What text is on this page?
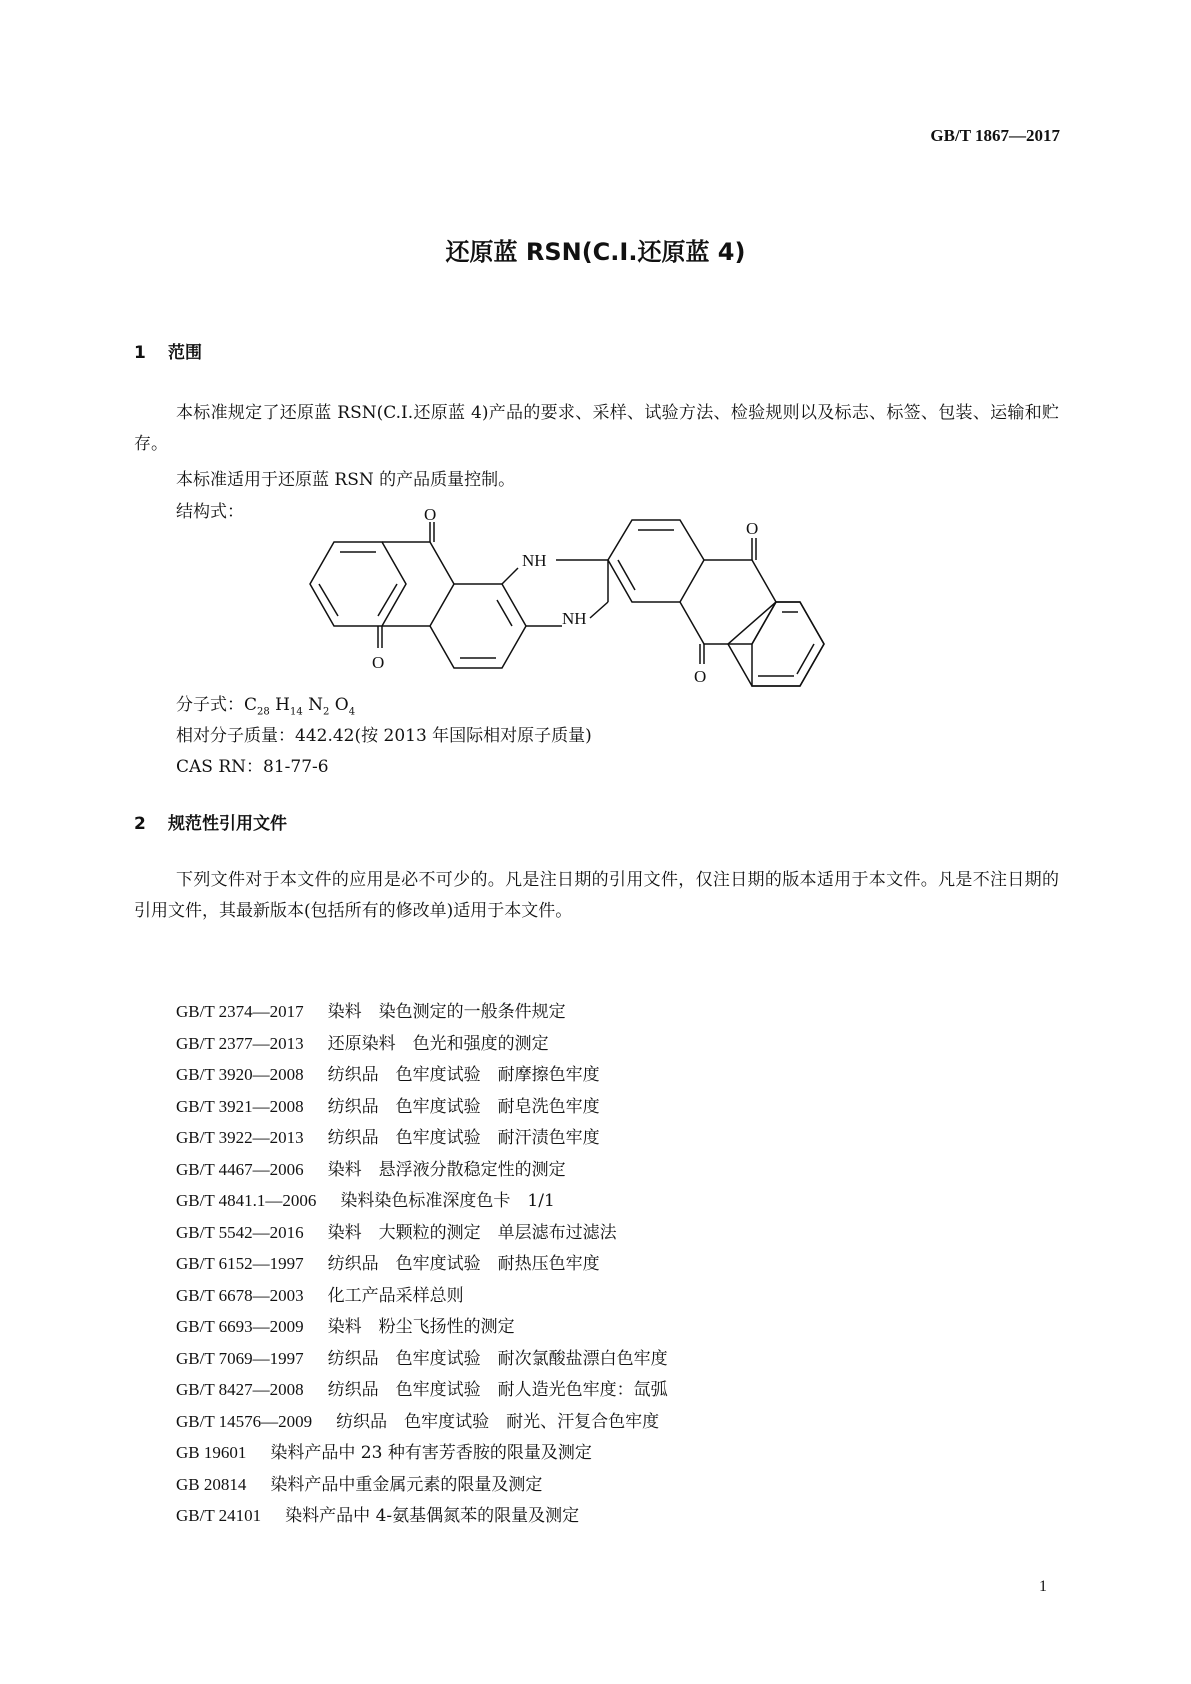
GB/T 1867—2017
还原蓝 RSN(C.I.还原蓝 4)
1 范围
本标准规定了还原蓝 RSN(C.I.还原蓝 4)产品的要求、采样、试验方法、检验规则以及标志、标签、包装、运输和贮存。
本标准适用于还原蓝 RSN 的产品质量控制。
结构式：	O
O
NH
NH
O
O
分子式：$C_{28}$ $H_{14}$ $N_2$ $O_4$
相对分子质量：442.42(按 2013 年国际相对原子质量)
CAS RN：81-77-6
2 规范性引用文件
下列文件对于本文件的应用是必不可少的。凡是注日期的引用文件，仅注日期的版本适用于本文件。凡是不注日期的引用文件，其最新版本(包括所有的修改单)适用于本文件。
GB/T 2374—2017 染料　染色测定的一般条件规定
GB/T 2377—2013 还原染料　色光和强度的测定
GB/T 3920—2008 纺织品　色牢度试验　耐摩擦色牢度
GB/T 3921—2008 纺织品　色牢度试验　耐皂洗色牢度
GB/T 3922—2013 纺织品　色牢度试验　耐汗渍色牢度
GB/T 4467—2006 染料　悬浮液分散稳定性的测定
GB/T 4841.1—2006 染料染色标准深度色卡　1/1
GB/T 5542—2016 染料　大颗粒的测定　单层滤布过滤法
GB/T 6152—1997 纺织品　色牢度试验　耐热压色牢度
GB/T 6678—2003 化工产品采样总则
GB/T 6693—2009 染料　粉尘飞扬性的测定
GB/T 7069—1997 纺织品　色牢度试验　耐次氯酸盐漂白色牢度
GB/T 8427—2008 纺织品　色牢度试验　耐人造光色牢度：氙弧
GB/T 14576—2009 纺织品　色牢度试验　耐光、汗复合色牢度
GB 19601 染料产品中 23 种有害芳香胺的限量及测定
GB 20814 染料产品中重金属元素的限量及测定
GB/T 24101 染料产品中 4-氨基偶氮苯的限量及测定
1
